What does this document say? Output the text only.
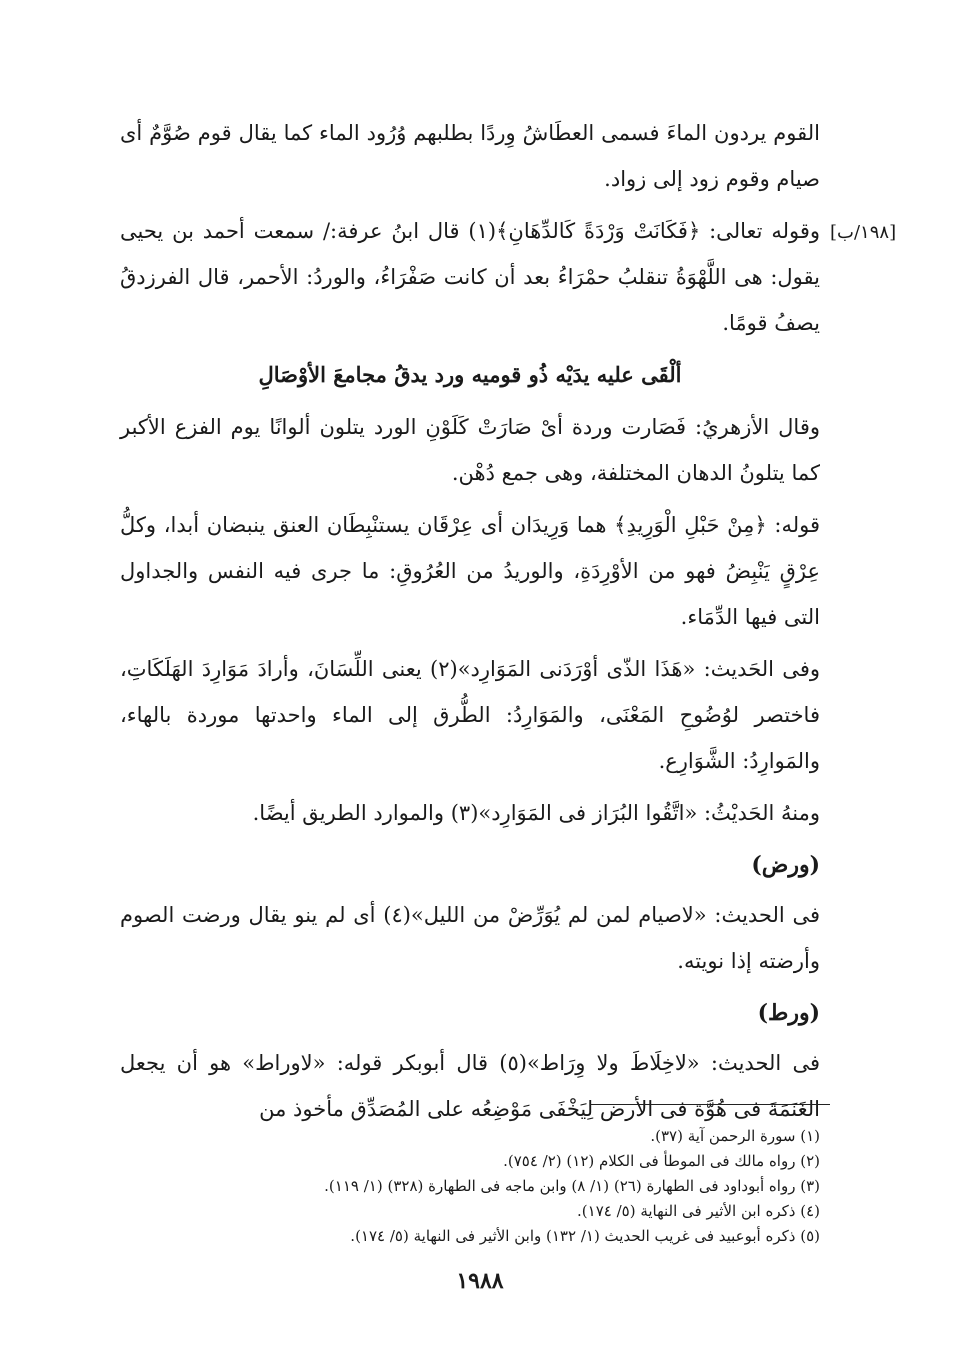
[١٩٨/ب]

القوم يردون الماءَ فسمى العطَاشُ وِردًا بطلبهم وُرُود الماء كما يقال قوم صُوَّمٌ أى صيام وقوم زود إلى زواد.

وقوله تعالى: ﴿فَكَانَتْ وَرْدَةً كَالدِّهَانِ﴾(١) قال ابنُ عرفة:/ سمعت أحمد بن يحيى يقول: هى اللَّهْوَةُ تنقلبُ حمْرَاءُ بعد أن كانت صَفْرَاءُ، والوردُ: الأحمر، قال الفرزدقُ يصفُ قومًا.

ألْقَى عليه يدَيْه ذُو قوميه ورد يدقُ مجامعَ الأوْصَالِ

وقال الأزهريُ: فَصَارت وردة أىْ صَارَتْ كَلَوْنِ الورد يتلون ألوانًا يوم الفزع الأكبر كما يتلونُ الدهان المختلفة، وهى جمع دُهْن.

قوله: ﴿مِنْ حَبْلِ الْوَرِيدِ﴾ هما وَرِيدَان أى عِرْقَان يستنْبِطَان العنق ينبضان أبدا، وكلُّ عِرْقٍ يَنْبِضُ فهو من الأوْرِدَةِ، والوريدُ من العُرُوقِ: ما جرى فيه النفس والجداول التى فيها الدِّمَاء.

وفى الحَديث: «هَذَا الذّى أوْرَدَنى المَوَارِد»(٢) يعنى اللِّسَانَ، وأرادَ مَوَارِدَ الهَلَكَاتِ، فاختصر لوُضُوحِ المَعْنَى، والمَوَارِدُ: الطُّرق إلى الماء واحدتها موردة بالهاء، والمَوارِدُ: الشَّوَارِع.

ومنهُ الحَديْثُ: «اتَّقُوا البُرَاز فى المَوَارِد»(٣) والموارد الطريق أيضًا.

(ورض)

فى الحديث: «لاصيام لمن لم يُوَرِّضْ من الليل»(٤) أى لم ينو يقال ورضت الصوم وأرضته إذا نويته.

(ورط)

فى الحديث: «لاخِلَاطَ ولا وِرَاط»(٥) قال أبوبكر قوله: «لاوراط» هو أن يجعل الغَنَمَةَ فى هُوَّة فى الأرض لِيَخْفَى مَوْضِعُه على المُصَدِّق مأخوذ من

(١) سورة الرحمن آية (٣٧).

(٢) رواه مالك فى الموطأ فى الكلام (١٢) (٢/ ٧٥٤).

(٣) رواه أبوداود فى الطهارة (٢٦) (١/ ٨) وابن ماجه فى الطهارة (٣٢٨) (١/ ١١٩).

(٤) ذكره ابن الأثير فى النهاية (٥/ ١٧٤).

(٥) ذكره أبوعبيد فى غريب الحديث (١/ ١٣٢) وابن الأثير فى النهاية (٥/ ١٧٤).

١٩٨٨
